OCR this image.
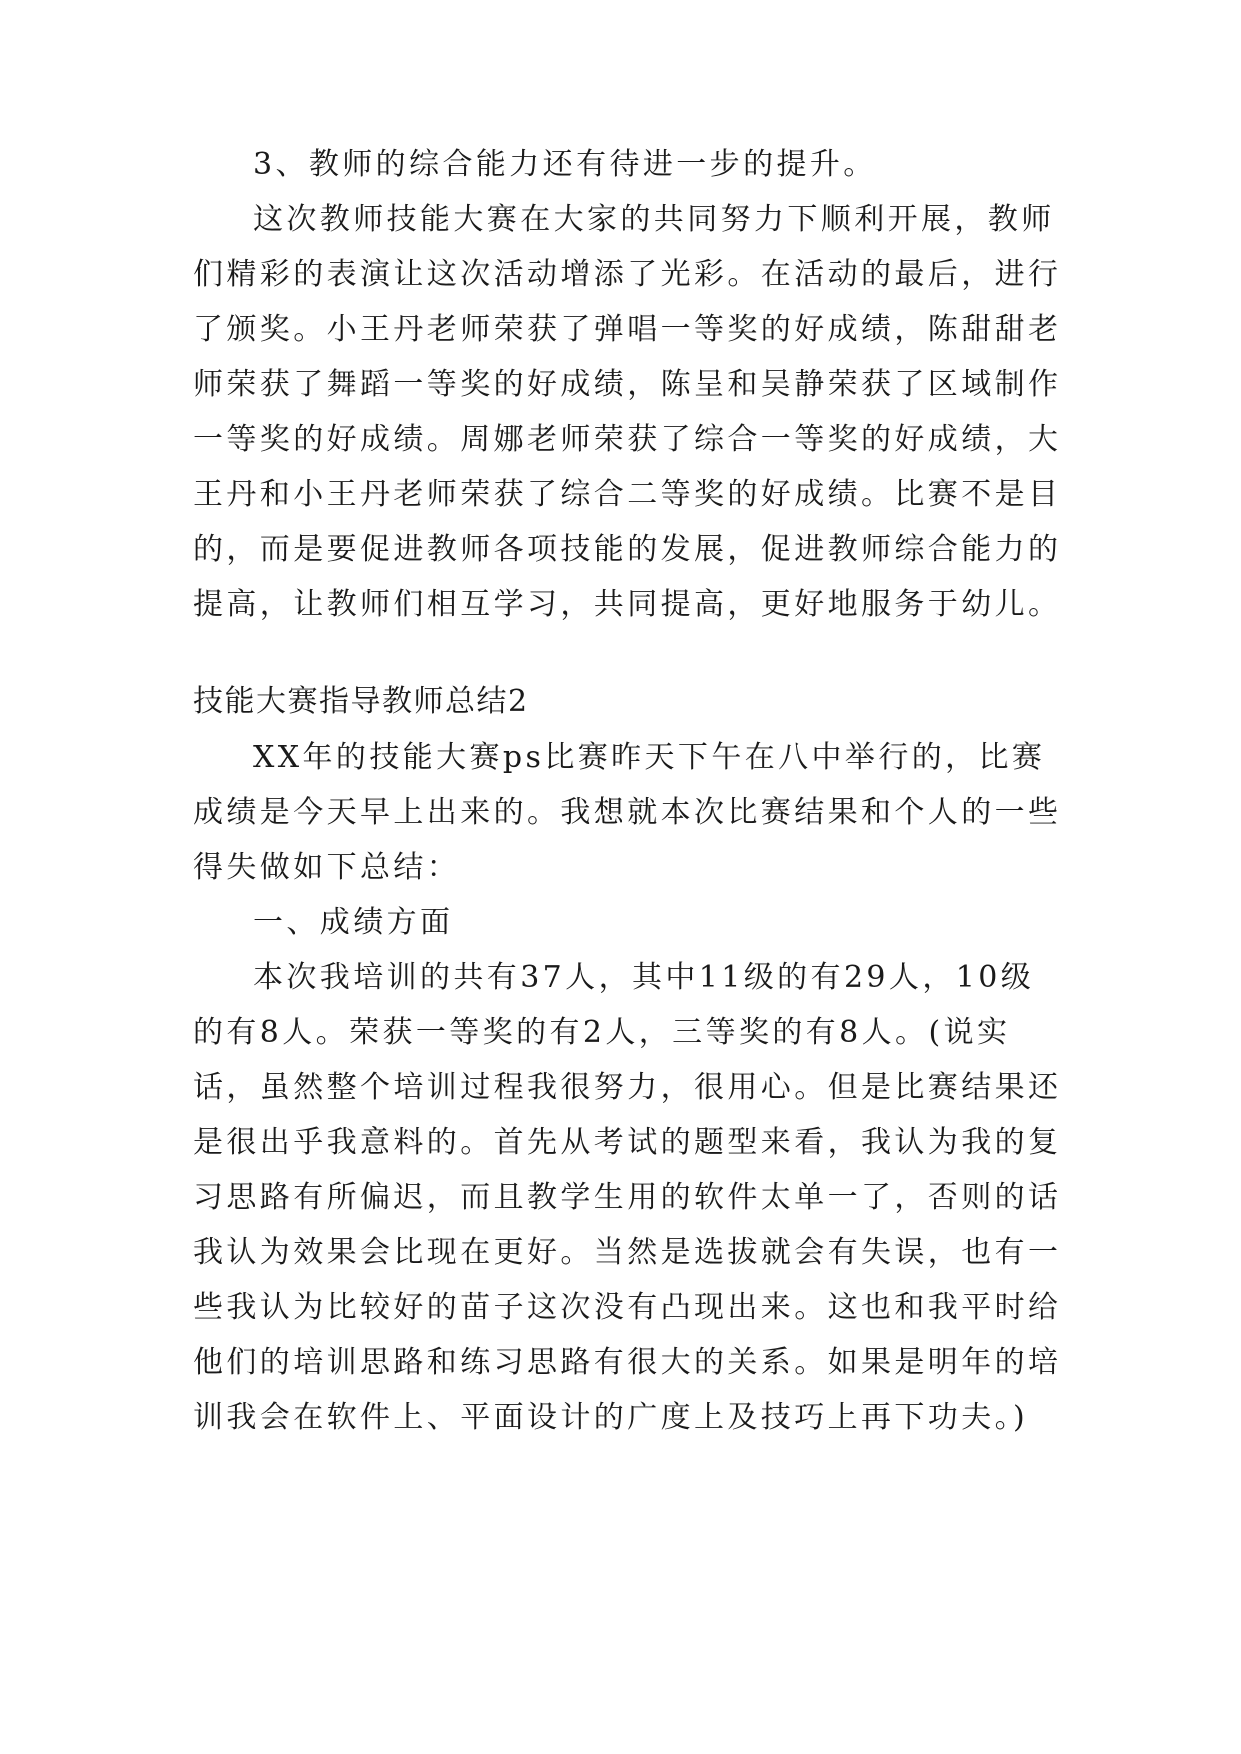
3、教师的综合能力还有待进一步的提升。
这次教师技能大赛在大家的共同努力下顺利开展，教师
们精彩的表演让这次活动增添了光彩。在活动的最后，进行
了颁奖。小王丹老师荣获了弹唱一等奖的好成绩，陈甜甜老
师荣获了舞蹈一等奖的好成绩，陈呈和吴静荣获了区域制作
一等奖的好成绩。周娜老师荣获了综合一等奖的好成绩，大
王丹和小王丹老师荣获了综合二等奖的好成绩。比赛不是目
的，而是要促进教师各项技能的发展，促进教师综合能力的
提高，让教师们相互学习，共同提高，更好地服务于幼儿。
技能大赛指导教师总结2
XX年的技能大赛ps比赛昨天下午在八中举行的，比赛
成绩是今天早上出来的。我想就本次比赛结果和个人的一些
得失做如下总结：
一、成绩方面
本次我培训的共有37人，其中11级的有29人，10级
的有8人。荣获一等奖的有2人，三等奖的有8人。(说实
话，虽然整个培训过程我很努力，很用心。但是比赛结果还
是很出乎我意料的。首先从考试的题型来看，我认为我的复
习思路有所偏迟，而且教学生用的软件太单一了，否则的话
我认为效果会比现在更好。当然是选拔就会有失误，也有一
些我认为比较好的苗子这次没有凸现出来。这也和我平时给
他们的培训思路和练习思路有很大的关系。如果是明年的培
训我会在软件上、平面设计的广度上及技巧上再下功夫。)
